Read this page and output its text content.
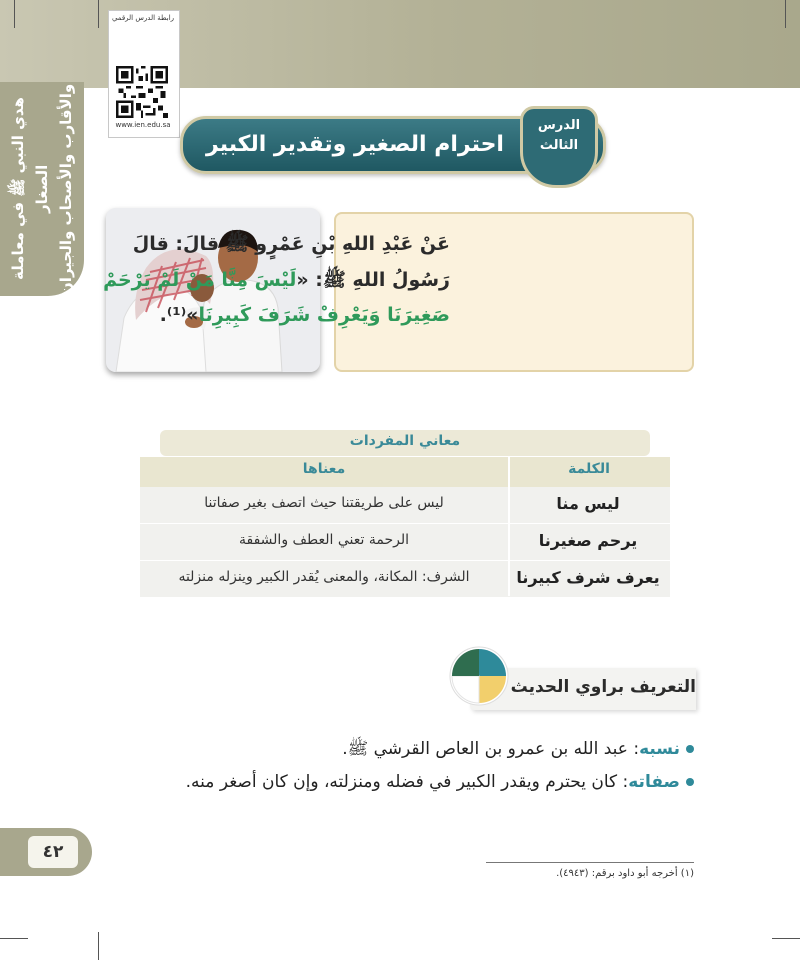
رابطة الدرس الرقمي
www.ien.edu.sa
هدي النبي ﷺ في معاملة الصغار والأقارب والأصحاب والجيران	احترام الصغير وتقدير الكبير
الدرس
الثالث
عَنْ عَبْدِ اللهِ بْنِ عَمْرٍو ﷺ قالَ: قالَ
رَسُولُ اللهِ ﷺ: «لَيْسَ مِنَّا مَنْ لَمْ يَرْحَمْ
صَغِيرَنَا وَيَعْرِفْ شَرَفَ كَبِيرِنَا»⁽¹⁾.
معاني المفردات
الكلمة
معناها
ليس منا
ليس على طريقتنا حيث اتصف بغير صفاتنا
يرحم صغيرنا
الرحمة تعني العطف والشفقة
يعرف شرف كبيرنا
الشرف: المكانة، والمعنى يُقدر الكبير وينزله منزلته
التعريف براوي الحديث
نسبه: عبد الله بن عمرو بن العاص القرشي ﷺ.
صفاته: كان يحترم ويقدر الكبير في فضله ومنزلته، وإن كان أصغر منه.
٤٢
(١) أخرجه أبو داود برقم: (٤٩٤٣).
